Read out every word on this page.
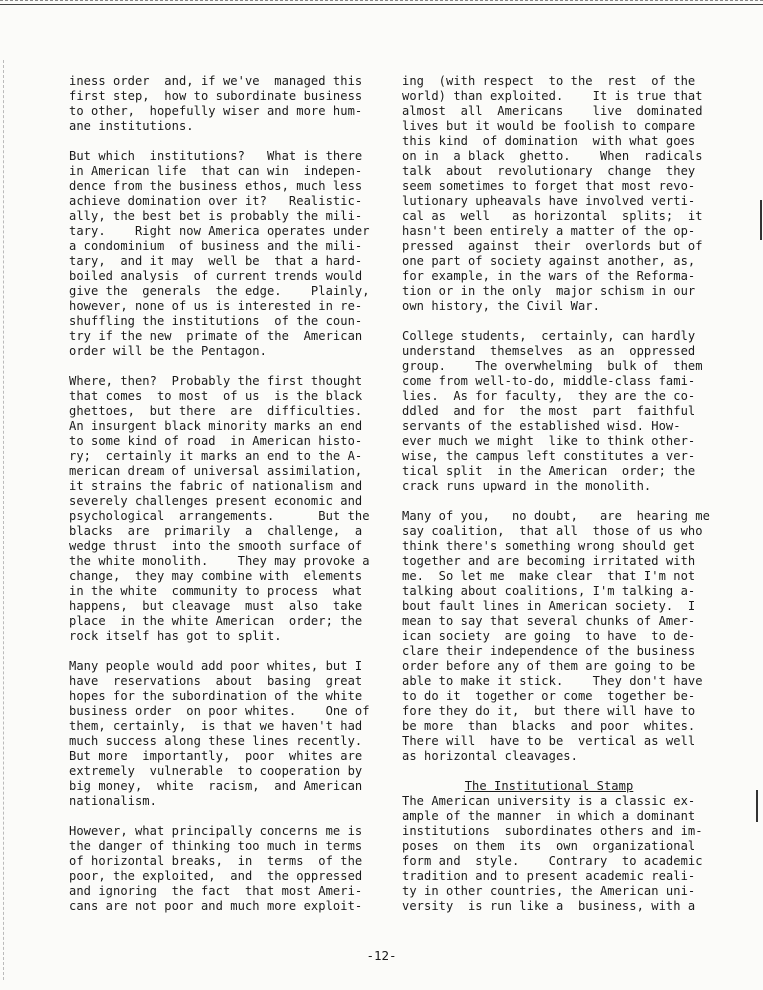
iness order  and, if we've  managed this
first step,  how to subordinate business
to other,  hopefully wiser and more hum-
ane institutions.
But which  institutions?   What is there
in American life  that can win  indepen-
dence from the business ethos, much less
achieve domination over it?   Realistic-
ally, the best bet is probably the mili-
tary.    Right now America operates under
a condominium  of business and the mili-
tary,  and it may  well be  that a hard-
boiled analysis  of current trends would
give the  generals  the edge.    Plainly,
however, none of us is interested in re-
shuffling the institutions  of the coun-
try if the new  primate of the  American
order will be the Pentagon.
Where, then?  Probably the first thought
that comes  to most  of us  is the black
ghettoes,  but there  are  difficulties.
An insurgent black minority marks an end
to some kind of road  in American histo-
ry;  certainly it marks an end to the A-
merican dream of universal assimilation,
it strains the fabric of nationalism and
severely challenges present economic and
psychological  arrangements.      But the
blacks  are  primarily  a  challenge,  a
wedge thrust  into the smooth surface of
the white monolith.    They may provoke a
change,  they may combine with  elements
in the white  community to process  what
happens,  but cleavage  must  also  take
place  in the white American  order; the
rock itself has got to split.
Many people would add poor whites, but I
have  reservations  about  basing  great
hopes for the subordination of the white
business order  on poor whites.    One of
them, certainly,  is that we haven't had
much success along these lines recently.
But more  importantly,  poor  whites are
extremely  vulnerable  to cooperation by
big money,  white  racism,  and American
nationalism.
However, what principally concerns me is
the danger of thinking too much in terms
of horizontal breaks,  in  terms  of the
poor, the exploited,  and  the oppressed
and ignoring  the fact  that most Ameri-
cans are not poor and much more exploit-
ing  (with respect  to the  rest  of the
world) than exploited.    It is true that
almost  all  Americans    live  dominated
lives but it would be foolish to compare
this kind  of domination  with what goes
on in  a black  ghetto.    When  radicals
talk  about  revolutionary  change  they
seem sometimes to forget that most revo-
lutionary upheavals have involved verti-
cal as  well   as horizontal  splits;  it
hasn't been entirely a matter of the op-
pressed  against  their  overlords but of
one part of society against another, as,
for example, in the wars of the Reforma-
tion or in the only  major schism in our
own history, the Civil War.
College students,  certainly, can hardly
understand  themselves  as an  oppressed
group.    The overwhelming  bulk of  them
come from well-to-do, middle-class fami-
lies.  As for faculty,  they are the co-
ddled  and for  the most  part  faithful
servants of the established wisd. How-
ever much we might  like to think other-
wise, the campus left constitutes a ver-
tical split  in the American  order; the
crack runs upward in the monolith.
Many of you,   no doubt,   are  hearing me
say coalition,  that all  those of us who
think there's something wrong should get
together and are becoming irritated with
me.  So let me  make clear  that I'm not
talking about coalitions, I'm talking a-
bout fault lines in American society.  I
mean to say that several chunks of Amer-
ican society  are going  to have  to de-
clare their independence of the business
order before any of them are going to be
able to make it stick.    They don't have
to do it  together or come  together be-
fore they do it,  but there will have to
be more  than  blacks  and poor  whites.
There will  have to be  vertical as well
as horizontal cleavages.
The Institutional Stamp
The American university is a classic ex-
ample of the manner  in which a dominant
institutions  subordinates others and im-
poses  on them  its  own  organizational
form and  style.    Contrary  to academic
tradition and to present academic reali-
ty in other countries, the American uni-
versity  is run like a  business, with a
-12-
